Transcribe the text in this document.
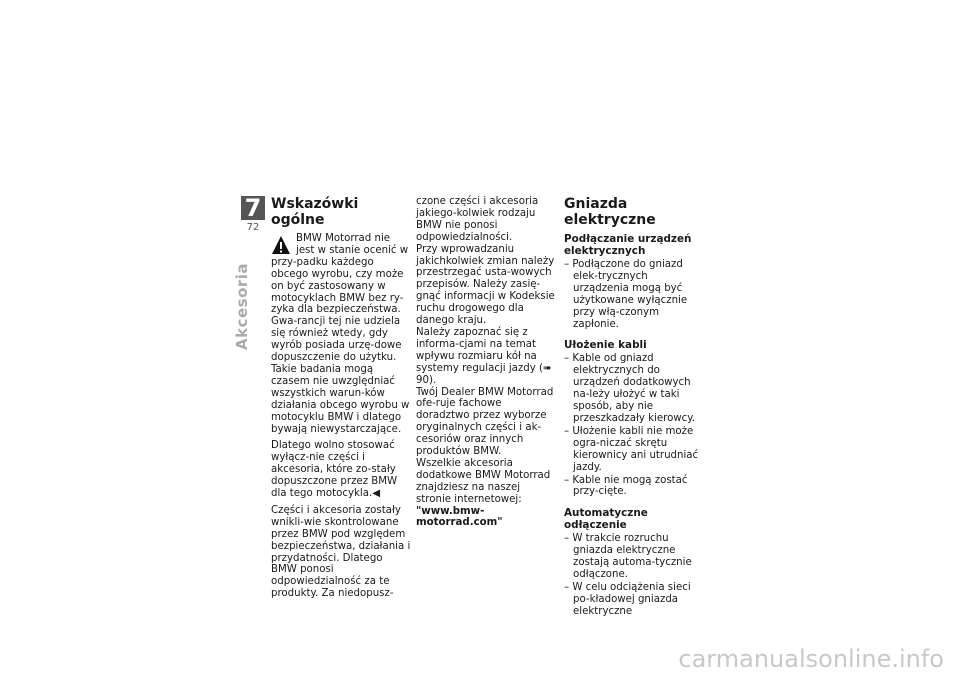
7
72
Akcesoria
Wskazówki ogólne

BMW Motorrad nie jest w stanie ocenić w przy-padku każdego obcego wyrobu, czy może on być zastosowany w motocyklach BMW bez ry-zyka dla bezpieczeństwa. Gwa-rancji tej nie udziela się również wtedy, gdy wyrób posiada urzę-dowe dopuszczenie do użytku. Takie badania mogą czasem nie uwzględniać wszystkich warun-ków działania obcego wyrobu w motocyklu BMW i dlatego bywają niewystarczające.

Dlatego wolno stosować wyłącz-nie części i akcesoria, które zo-stały dopuszczone przez BMW dla tego motocykla.◀

Części i akcesoria zostały wnikli-wie skontrolowane przez BMW pod względem bezpieczeństwa, działania i przydatności. Dlatego BMW ponosi odpowiedzialność za te produkty. Za niedopusz-

czone części i akcesoria jakiego-kolwiek rodzaju BMW nie ponosi odpowiedzialności.

Przy wprowadzaniu jakichkolwiek zmian należy przestrzegać usta-wowych przepisów. Należy zasię-gnąć informacji w Kodeksie ruchu drogowego dla danego kraju.

Należy zapoznać się z informa-cjami na temat wpływu rozmiaru kół na systemy regulacji jazdy (➠ 90).

Twój Dealer BMW Motorrad ofe-ruje fachowe doradztwo przez wyborze oryginalnych części i ak-cesoriów oraz innych produktów BMW.

Wszelkie akcesoria dodatkowe BMW Motorrad znajdziesz na naszej stronie internetowej:

"www.bmw-motorrad.com"

Gniazda elektryczne
Podłączanie urządzeń elektrycznych

– Podłączone do gniazd elek-trycznych urządzenia mogą być użytkowane wyłącznie przy włą-czonym zapłonie.

Ułożenie kabli

– Kable od gniazd elektrycznych do urządzeń dodatkowych na-leży ułożyć w taki sposób, aby nie przeszkadzały kierowcy.

– Ułożenie kabli nie może ogra-niczać skrętu kierownicy ani utrudniać jazdy.

– Kable nie mogą zostać przy-cięte.

Automatyczne odłączenie

– W trakcie rozruchu gniazda elektryczne zostają automa-tycznie odłączone.

– W celu odciążenia sieci po-kładowej gniazda elektryczne

carmanualsonline.info
